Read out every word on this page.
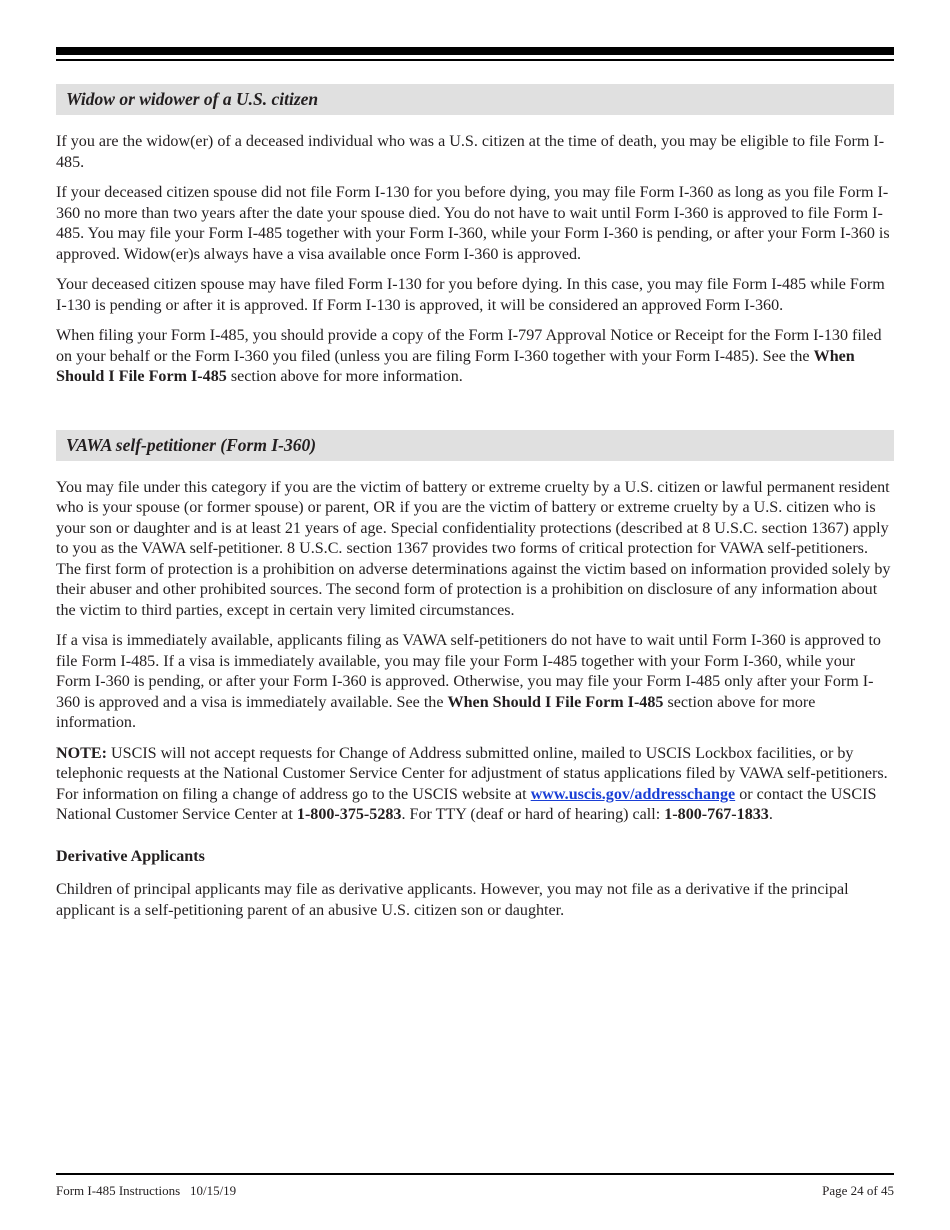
Widow or widower of a U.S. citizen

If you are the widow(er) of a deceased individual who was a U.S. citizen at the time of death, you may be eligible to file Form I-485.

If your deceased citizen spouse did not file Form I-130 for you before dying, you may file Form I-360 as long as you file Form I-360 no more than two years after the date your spouse died. You do not have to wait until Form I-360 is approved to file Form I-485. You may file your Form I-485 together with your Form I-360, while your Form I-360 is pending, or after your Form I-360 is approved. Widow(er)s always have a visa available once Form I-360 is approved.

Your deceased citizen spouse may have filed Form I-130 for you before dying. In this case, you may file Form I-485 while Form I-130 is pending or after it is approved. If Form I-130 is approved, it will be considered an approved Form I-360.

When filing your Form I-485, you should provide a copy of the Form I-797 Approval Notice or Receipt for the Form I-130 filed on your behalf or the Form I-360 you filed (unless you are filing Form I-360 together with your Form I-485). See the When Should I File Form I-485 section above for more information.

VAWA self-petitioner (Form I-360)

You may file under this category if you are the victim of battery or extreme cruelty by a U.S. citizen or lawful permanent resident who is your spouse (or former spouse) or parent, OR if you are the victim of battery or extreme cruelty by a U.S. citizen who is your son or daughter and is at least 21 years of age. Special confidentiality protections (described at 8 U.S.C. section 1367) apply to you as the VAWA self-petitioner. 8 U.S.C. section 1367 provides two forms of critical protection for VAWA self-petitioners. The first form of protection is a prohibition on adverse determinations against the victim based on information provided solely by their abuser and other prohibited sources. The second form of protection is a prohibition on disclosure of any information about the victim to third parties, except in certain very limited circumstances.

If a visa is immediately available, applicants filing as VAWA self-petitioners do not have to wait until Form I-360 is approved to file Form I-485. If a visa is immediately available, you may file your Form I-485 together with your Form I-360, while your Form I-360 is pending, or after your Form I-360 is approved. Otherwise, you may file your Form I-485 only after your Form I-360 is approved and a visa is immediately available. See the When Should I File Form I-485 section above for more information.

NOTE: USCIS will not accept requests for Change of Address submitted online, mailed to USCIS Lockbox facilities, or by telephonic requests at the National Customer Service Center for adjustment of status applications filed by VAWA self-petitioners. For information on filing a change of address go to the USCIS website at www.uscis.gov/addresschange or contact the USCIS National Customer Service Center at 1-800-375-5283. For TTY (deaf or hard of hearing) call: 1-800-767-1833.

Derivative Applicants

Children of principal applicants may file as derivative applicants. However, you may not file as a derivative if the principal applicant is a self-petitioning parent of an abusive U.S. citizen son or daughter.

Form I-485 Instructions   10/15/19	Page 24 of 45
